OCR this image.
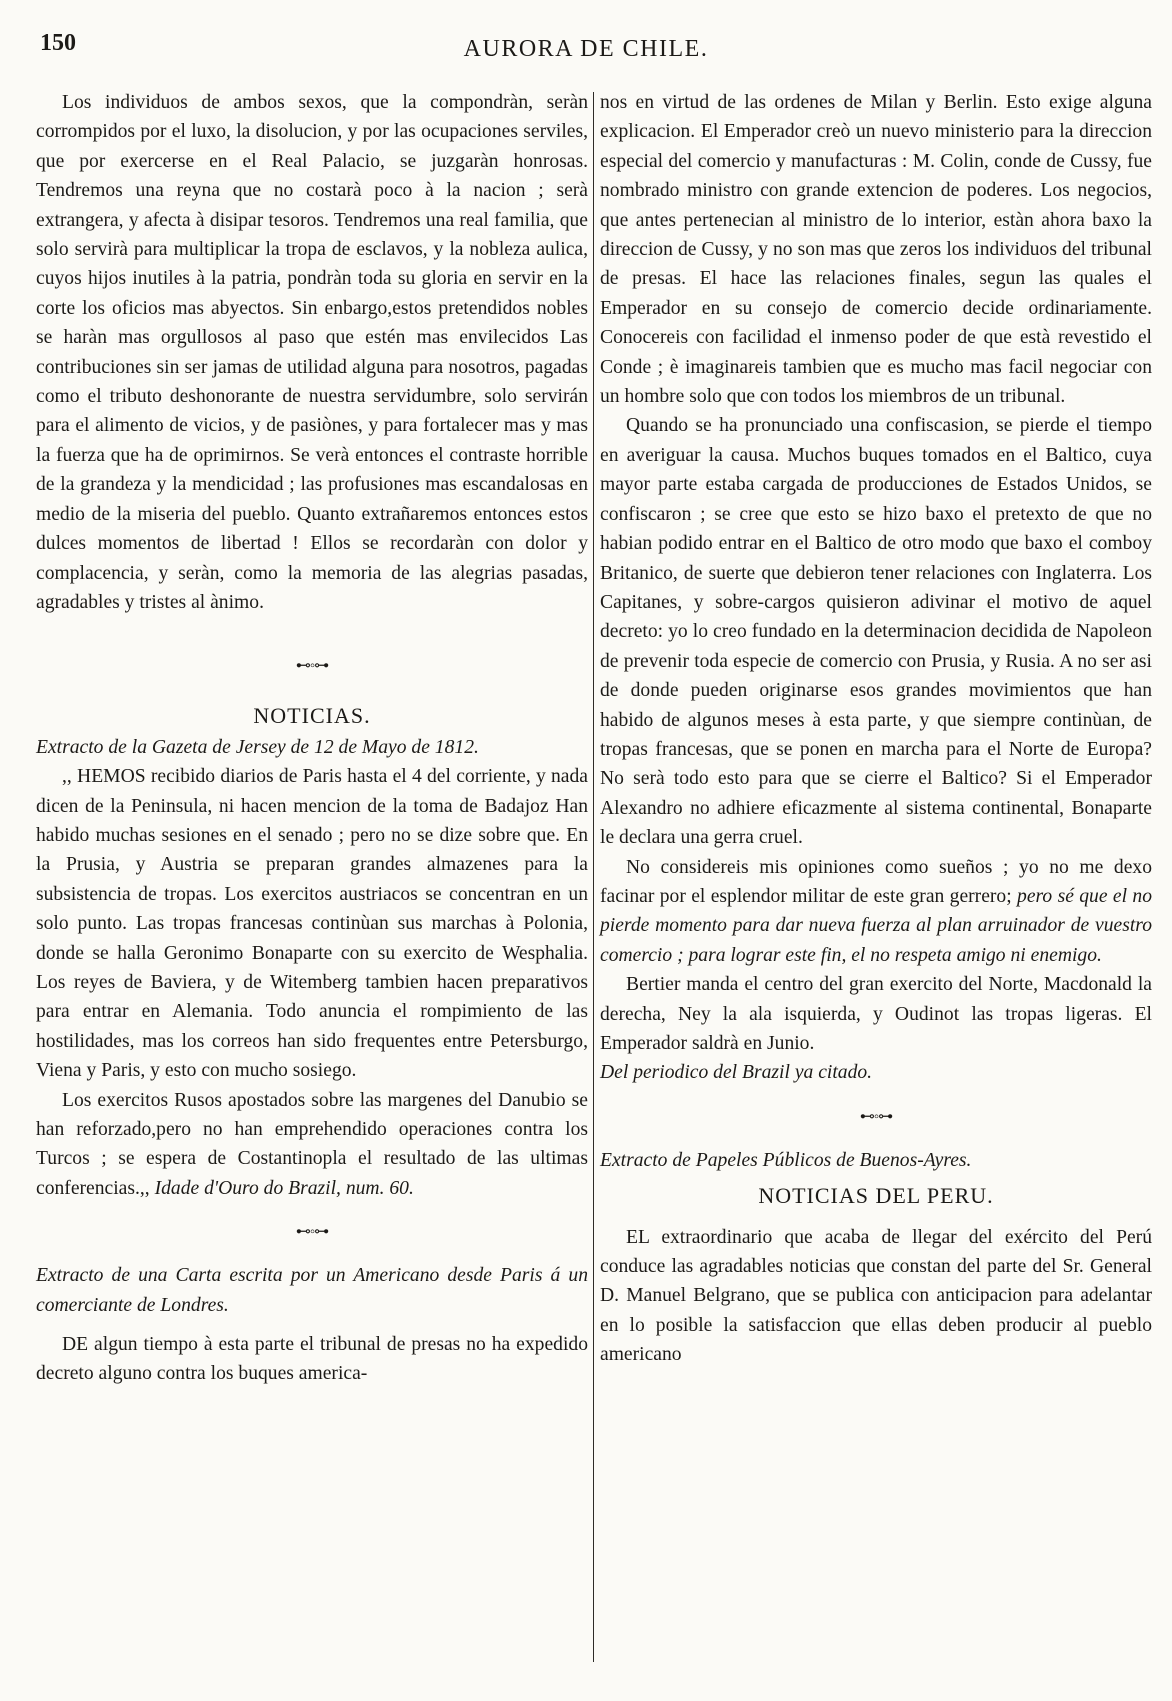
150	AURORA DE CHILE.

Los individuos de ambos sexos, que la compondràn, seràn corrompidos por el luxo, la disolucion, y por las ocupaciones serviles, que por exercerse en el Real Palacio, se juzgaràn honrosas. Tendremos una reyna que no costarà poco à la nacion ; serà extrangera, y afecta à disipar tesoros. Tendremos una real familia, que solo servirà para multiplicar la tropa de esclavos, y la nobleza aulica, cuyos hijos inutiles à la patria, pondràn toda su gloria en servir en la corte los oficios mas abyectos. Sin enbargo,estos pretendidos nobles se haràn mas orgullosos al paso que estén mas envilecidos Las contribuciones sin ser jamas de utilidad alguna para nosotros, pagadas como el tributo deshonorante de nuestra servidumbre, solo servirán para el alimento de vicios, y de pasiònes, y para fortalecer mas y mas la fuerza que ha de oprimirnos. Se verà entonces el contraste horrible de la grandeza y la mendicidad ; las profusiones mas escandalosas en medio de la miseria del pueblo. Quanto extrañaremos entonces estos dulces momentos de libertad ! Ellos se recordaràn con dolor y complacencia, y seràn, como la memoria de las alegrias pasadas, agradables y tristes al ànimo.

⊷◦⊶
NOTICIAS.

Extracto de la Gazeta de Jersey de 12 de Mayo de 1812.

,, HEMOS recibido diarios de Paris hasta el 4 del corriente, y nada dicen de la Peninsula, ni hacen mencion de la toma de Badajoz Han habido muchas sesiones en el senado ; pero no se dize sobre que. En la Prusia, y Austria se preparan grandes almazenes para la subsistencia de tropas. Los exercitos austriacos se concentran en un solo punto. Las tropas francesas continùan sus marchas à Polonia, donde se halla Geronimo Bonaparte con su exercito de Wesphalia. Los reyes de Baviera, y de Witemberg tambien hacen preparativos para entrar en Alemania. Todo anuncia el rompimiento de las hostilidades, mas los correos han sido frequentes entre Petersburgo, Viena y Paris, y esto con mucho sosiego.

Los exercitos Rusos apostados sobre las margenes del Danubio se han reforzado,pero no han emprehendido operaciones contra los Turcos ; se espera de Costantinopla el resultado de las ultimas conferencias.,, Idade d'Ouro do Brazil, num. 60.

⊷◦⊶

Extracto de una Carta escrita por un Americano desde Paris á un comerciante de Londres.

DE algun tiempo à esta parte el tribunal de presas no ha expedido decreto alguno contra los buques america-

nos en virtud de las ordenes de Milan y Berlin. Esto exige alguna explicacion. El Emperador creò un nuevo ministerio para la direccion especial del comercio y manufacturas : M. Colin, conde de Cussy, fue nombrado ministro con grande extencion de poderes. Los negocios, que antes pertenecian al ministro de lo interior, estàn ahora baxo la direccion de Cussy, y no son mas que zeros los individuos del tribunal de presas. El hace las relaciones finales, segun las quales el Emperador en su consejo de comercio decide ordinariamente. Conocereis con facilidad el inmenso poder de que està revestido el Conde ; è imaginareis tambien que es mucho mas facil negociar con un hombre solo que con todos los miembros de un tribunal.

Quando se ha pronunciado una confiscasion, se pierde el tiempo en averiguar la causa. Muchos buques tomados en el Baltico, cuya mayor parte estaba cargada de producciones de Estados Unidos, se confiscaron ; se cree que esto se hizo baxo el pretexto de que no habian podido entrar en el Baltico de otro modo que baxo el comboy Britanico, de suerte que debieron tener relaciones con Inglaterra. Los Capitanes, y sobre-cargos quisieron adivinar el motivo de aquel decreto: yo lo creo fundado en la determinacion decidida de Napoleon de prevenir toda especie de comercio con Prusia, y Rusia. A no ser asi de donde pueden originarse esos grandes movimientos que han habido de algunos meses à esta parte, y que siempre continùan, de tropas francesas, que se ponen en marcha para el Norte de Europa? No serà todo esto para que se cierre el Baltico? Si el Emperador Alexandro no adhiere eficazmente al sistema continental, Bonaparte le declara una gerra cruel.

No considereis mis opiniones como sueños ; yo no me dexo facinar por el esplendor militar de este gran gerrero; pero sé que el no pierde momento para dar nueva fuerza al plan arruinador de vuestro comercio ; para lograr este fin, el no respeta amigo ni enemigo.

Bertier manda el centro del gran exercito del Norte, Macdonald la derecha, Ney la ala isquierda, y Oudinot las tropas ligeras. El Emperador saldrà en Junio.

Del periodico del Brazil ya citado.

⊷◦⊶

Extracto de Papeles Públicos de Buenos-Ayres.

NOTICIAS DEL PERU.

EL extraordinario que acaba de llegar del exército del Perú conduce las agradables noticias que constan del parte del Sr. General D. Manuel Belgrano, que se publica con anticipacion para adelantar en lo posible la satisfaccion que ellas deben producir al pueblo americano
